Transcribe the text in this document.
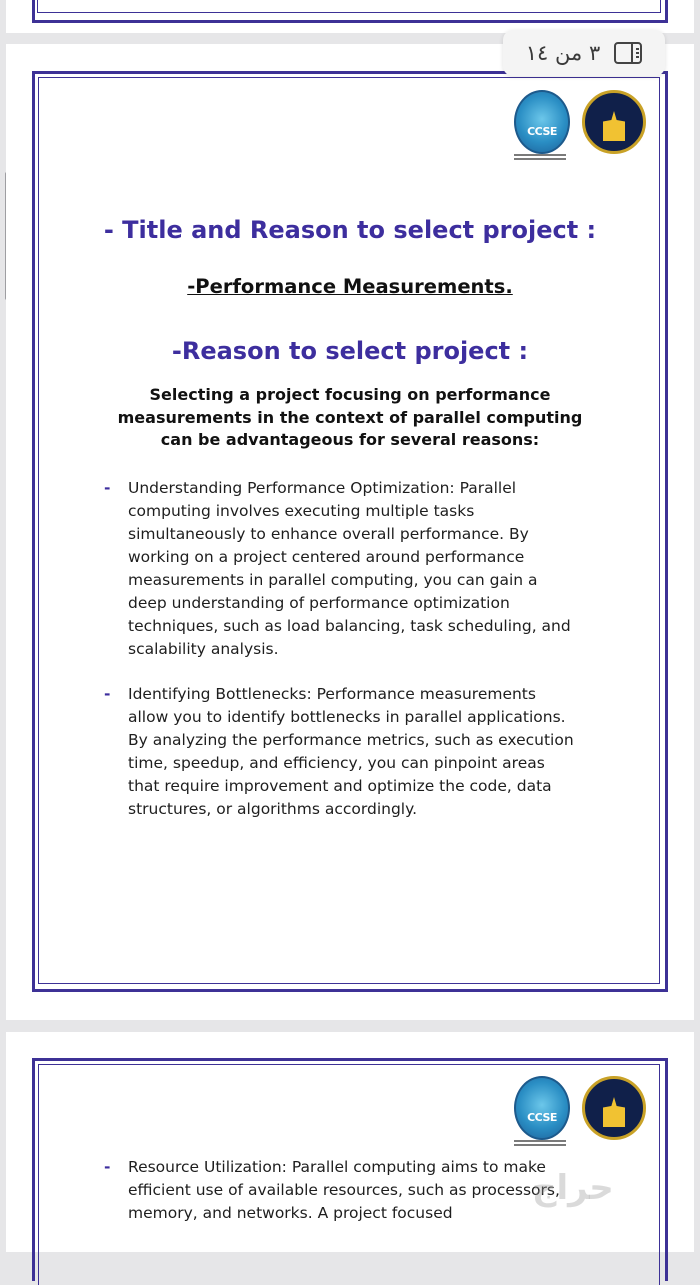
CCSE
- Title and Reason to select project :
-Performance Measurements.
-Reason to select project :
Selecting a project focusing on performance measurements in the context of parallel computing can be advantageous for several reasons:
- Understanding Performance Optimization: Parallel computing involves executing multiple tasks simultaneously to enhance overall performance. By working on a project centered around performance measurements in parallel computing, you can gain a deep understanding of performance optimization techniques, such as load balancing, task scheduling, and scalability analysis.
- Identifying Bottlenecks: Performance measurements allow you to identify bottlenecks in parallel applications. By analyzing the performance metrics, such as execution time, speedup, and efficiency, you can pinpoint areas that require improvement and optimize the code, data structures, or algorithms accordingly.
CCSE
- Resource Utilization: Parallel computing aims to make efficient use of available resources, such as processors, memory, and networks. A project focused
٣ من ١٤
حراج
